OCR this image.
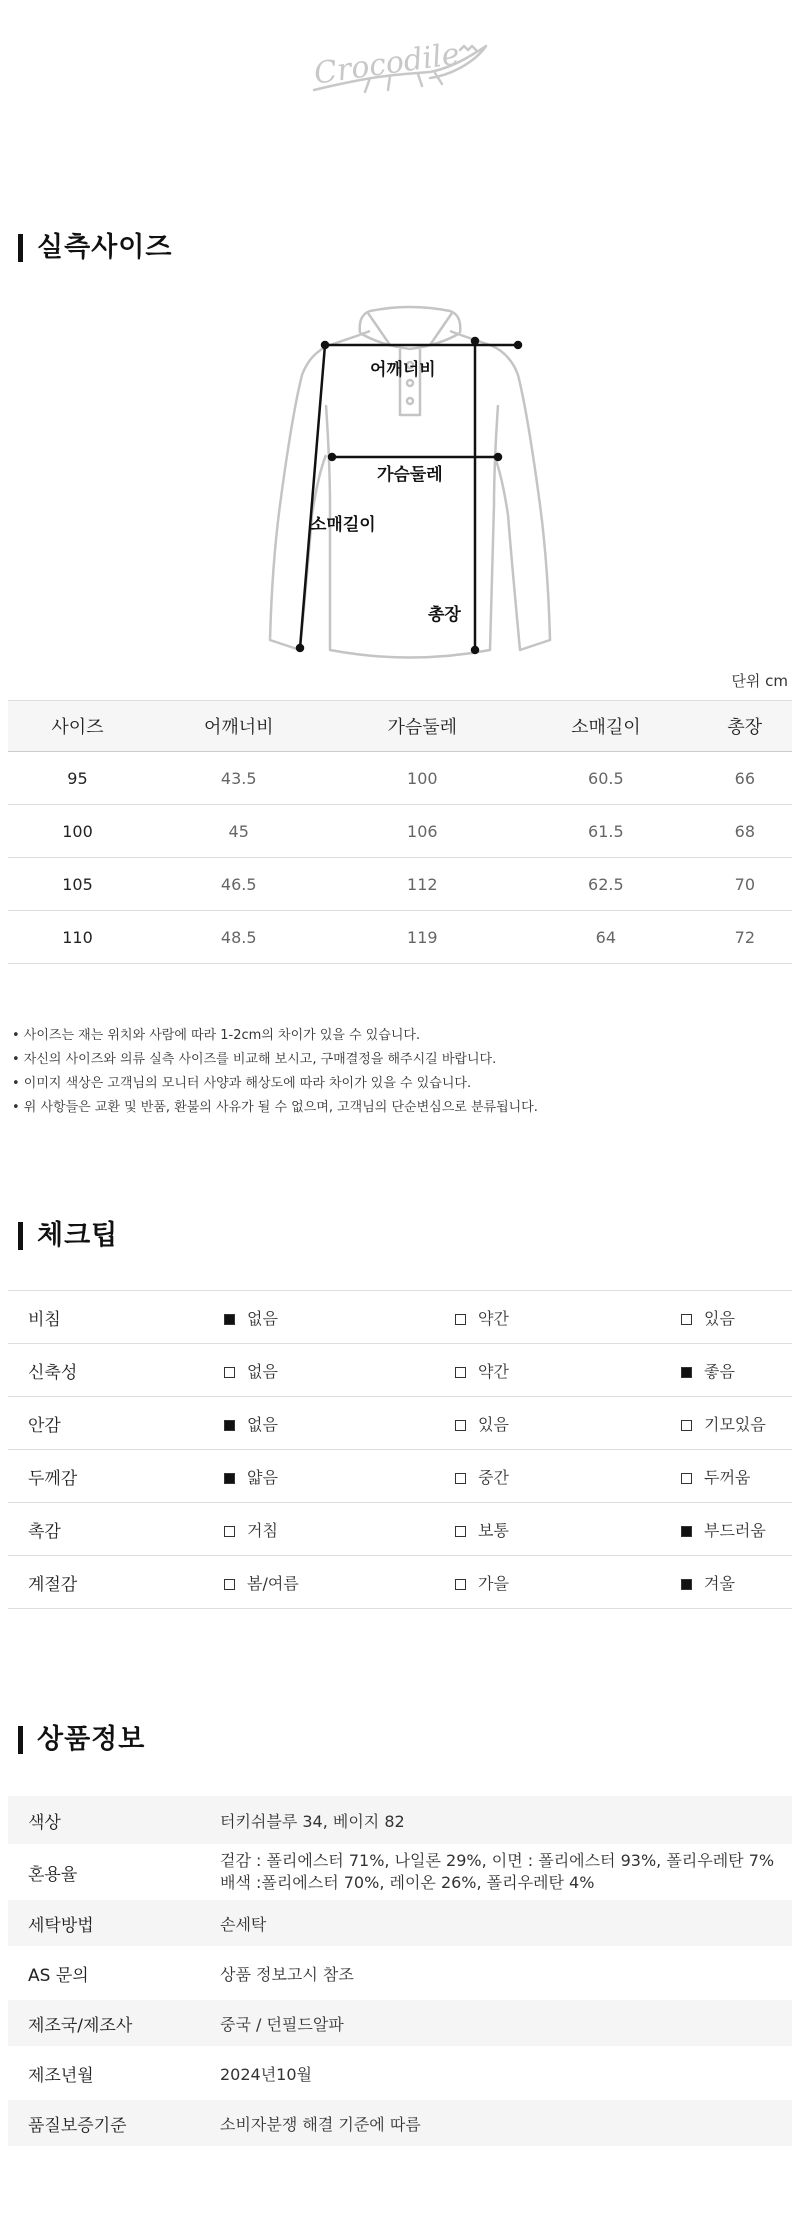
Crocodile
실측사이즈
어깨너비
가슴둘레
소매길이
총장
단위 cm
사이즈	어깨너비	가슴둘레	소매길이	총장
95	43.5	100	60.5	66
100	45	106	61.5	68
105	46.5	112	62.5	70
110	48.5	119	64	72
• 사이즈는 재는 위치와 사람에 따라 1-2cm의 차이가 있을 수 있습니다.
• 자신의 사이즈와 의류 실측 사이즈를 비교해 보시고, 구매결정을 해주시길 바랍니다.
• 이미지 색상은 고객님의 모니터 사양과 해상도에 따라 차이가 있을 수 있습니다.
• 위 사항들은 교환 및 반품, 환불의 사유가 될 수 없으며, 고객님의 단순변심으로 분류됩니다.
체크팁
비침	없음	약간	있음
신축성	없음	약간	좋음
안감	없음	있음	기모있음
두께감	얇음	중간	두꺼움
촉감	거침	보통	부드러움
계절감	봄/여름	가을	겨울
상품정보
색상	터키쉬블루 34, 베이지 82
혼용율	겉감 : 폴리에스터 71%, 나일론 29%, 이면 : 폴리에스터 93%, 폴리우레탄 7%
배색 :폴리에스터 70%, 레이온 26%, 폴리우레탄 4%

세탁방법	손세탁
AS 문의	상품 정보고시 참조
제조국/제조사	중국 / 던필드알파
제조년월	2024년10월
품질보증기준	소비자분쟁 해결 기준에 따름
